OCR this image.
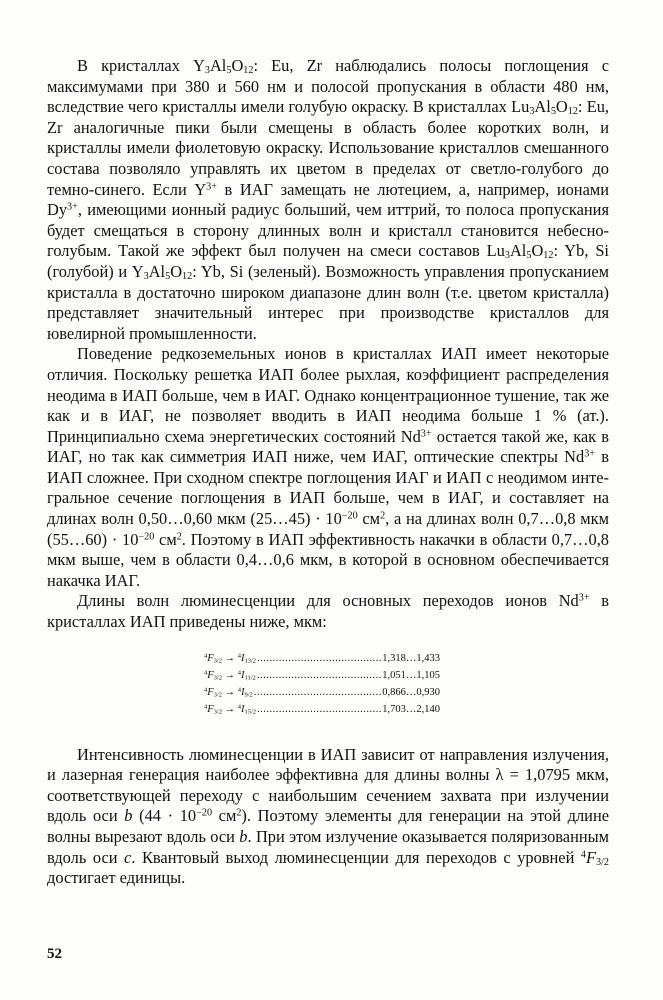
В кристаллах $Y_3Al_5O_{12}$: Eu, Zr наблюдались полосы поглощения с максимумами при 380 и 560 нм и полосой пропускания в области 480 нм, вследствие чего кристаллы имели голубую окраску. В кристаллах $Lu_3Al_5O_{12}$: Eu, Zr аналогичные пики были смещены в область более коротких волн, и кристаллы имели фиолетовую окраску. Использование кристаллов смешанного состава позволяло управлять их цветом в пределах от светло-голубого до темно-синего. Если $Y^{3+}$ в ИАГ замещать не лютецием, а, например, ионами $Dy^{3+}$, имеющими ионный радиус больший, чем иттрий, то полоса пропускания будет смещаться в сторону длинных волн и кристалл становится небесно-голубым. Такой же эффект был получен на смеси составов $Lu_3Al_5O_{12}$: Yb, Si (голубой) и $Y_3Al_5O_{12}$: Yb, Si (зеленый). Возможность управления пропусканием кристалла в достаточно широком диапазоне длин волн (т.е. цветом кристалла) представляет значительный интерес при производстве кристаллов для ювелирной промышленности.

Поведение редкоземельных ионов в кристаллах ИАП имеет некоторые отличия. Поскольку решетка ИАП более рыхлая, коэффициент распределения неодима в ИАП больше, чем в ИАГ. Однако концентрационное тушение, так же как и в ИАГ, не позволяет вводить в ИАП неодима больше 1 % (ат.). Принципиально схема энергетических состояний $Nd^{3+}$ остается такой же, как в ИАГ, но так как симметрия ИАП ниже, чем ИАГ, оптические спектры $Nd^{3+}$ в ИАП сложнее. При сходном спектре поглощения ИАГ и ИАП с неодимом интегральное сечение поглощения в ИАП больше, чем в ИАГ, и составляет на длинах волн 0,50…0,60 мкм (25…45) · $10^{-20}$ $см^2$, а на длинах волн 0,7…0,8 мкм (55…60) · $10^{-20}$ $см^2$. Поэтому в ИАП эффективность накачки в области 0,7…0,8 мкм выше, чем в области 0,4…0,6 мкм, в которой в основном обеспечивается накачка ИАГ.

Длины волн люминесценции для основных переходов ионов $Nd^{3+}$ в кристаллах ИАП приведены ниже, мкм:

$^4F_{3/2} \to ^4I_{13/2}$ .....	1,318…1,433
$^4F_{3/2} \to ^4I_{11/2}$ .....	1,051…1,105
$^4F_{3/2} \to ^4I_{9/2}$ .....	0,866…0,930
$^4F_{3/2} \to ^4I_{15/2}$ .....	1,703…2,140

Интенсивность люминесценции в ИАП зависит от направления излучения, и лазерная генерация наиболее эффективна для длины волны λ = 1,0795 мкм, соответствующей переходу с наибольшим сечением захвата при излучении вдоль оси b ($44 \cdot 10^{-20}$ $см^2$). Поэтому элементы для генерации на этой длине волны вырезают вдоль оси b. При этом излучение оказывается поляризованным вдоль оси c. Квантовый выход люминесценции для переходов с уровней $^4F_{3/2}$ достигает единицы.

52
